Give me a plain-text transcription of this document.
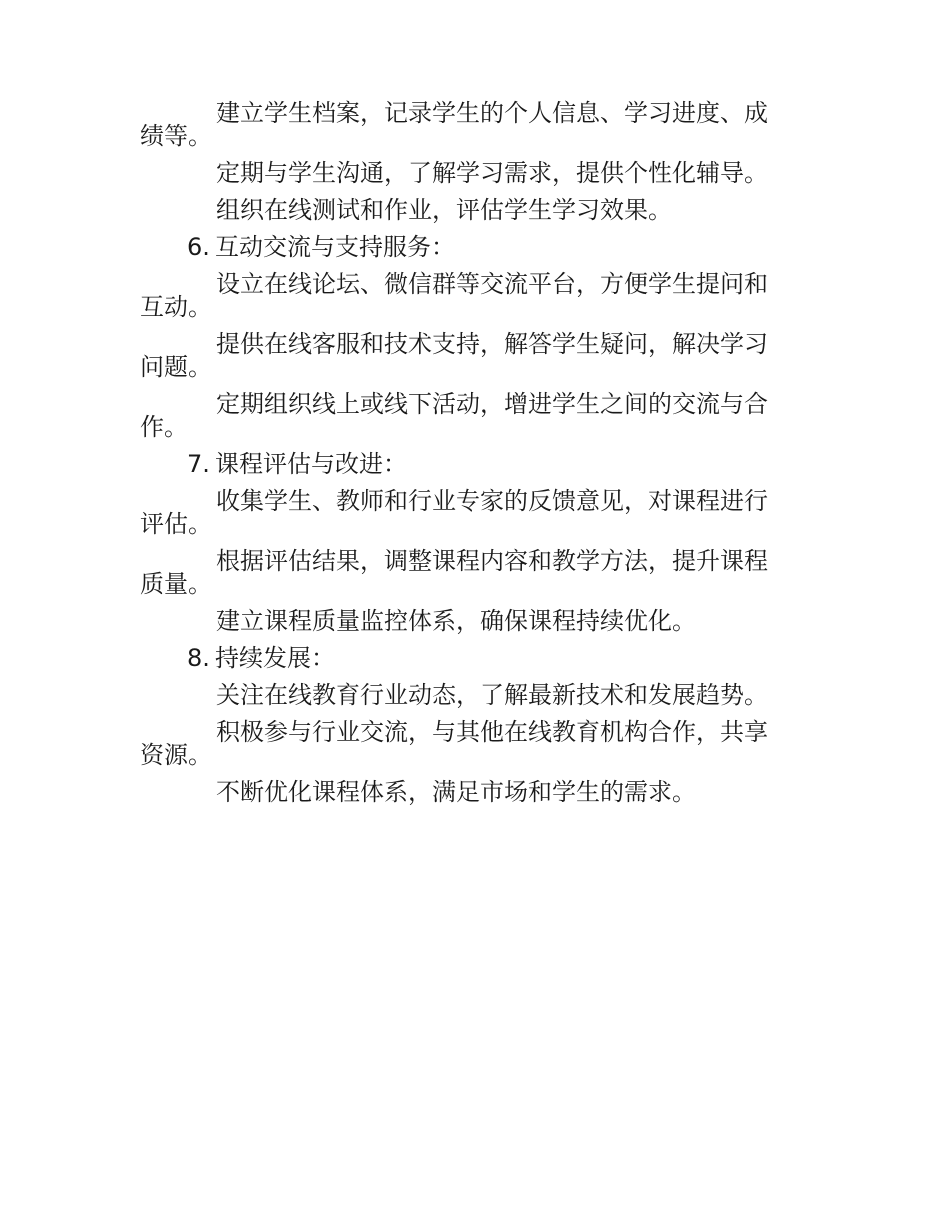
建立学生档案，记录学生的个人信息、学习进度、成绩等。

定期与学生沟通，了解学习需求，提供个性化辅导。

组织在线测试和作业，评估学生学习效果。

6. 互动交流与支持服务：

设立在线论坛、微信群等交流平台，方便学生提问和互动。

提供在线客服和技术支持，解答学生疑问，解决学习问题。

定期组织线上或线下活动，增进学生之间的交流与合作。

7. 课程评估与改进：

收集学生、教师和行业专家的反馈意见，对课程进行评估。

根据评估结果，调整课程内容和教学方法，提升课程质量。

建立课程质量监控体系，确保课程持续优化。

8. 持续发展：

关注在线教育行业动态，了解最新技术和发展趋势。

积极参与行业交流，与其他在线教育机构合作，共享资源。

不断优化课程体系，满足市场和学生的需求。
